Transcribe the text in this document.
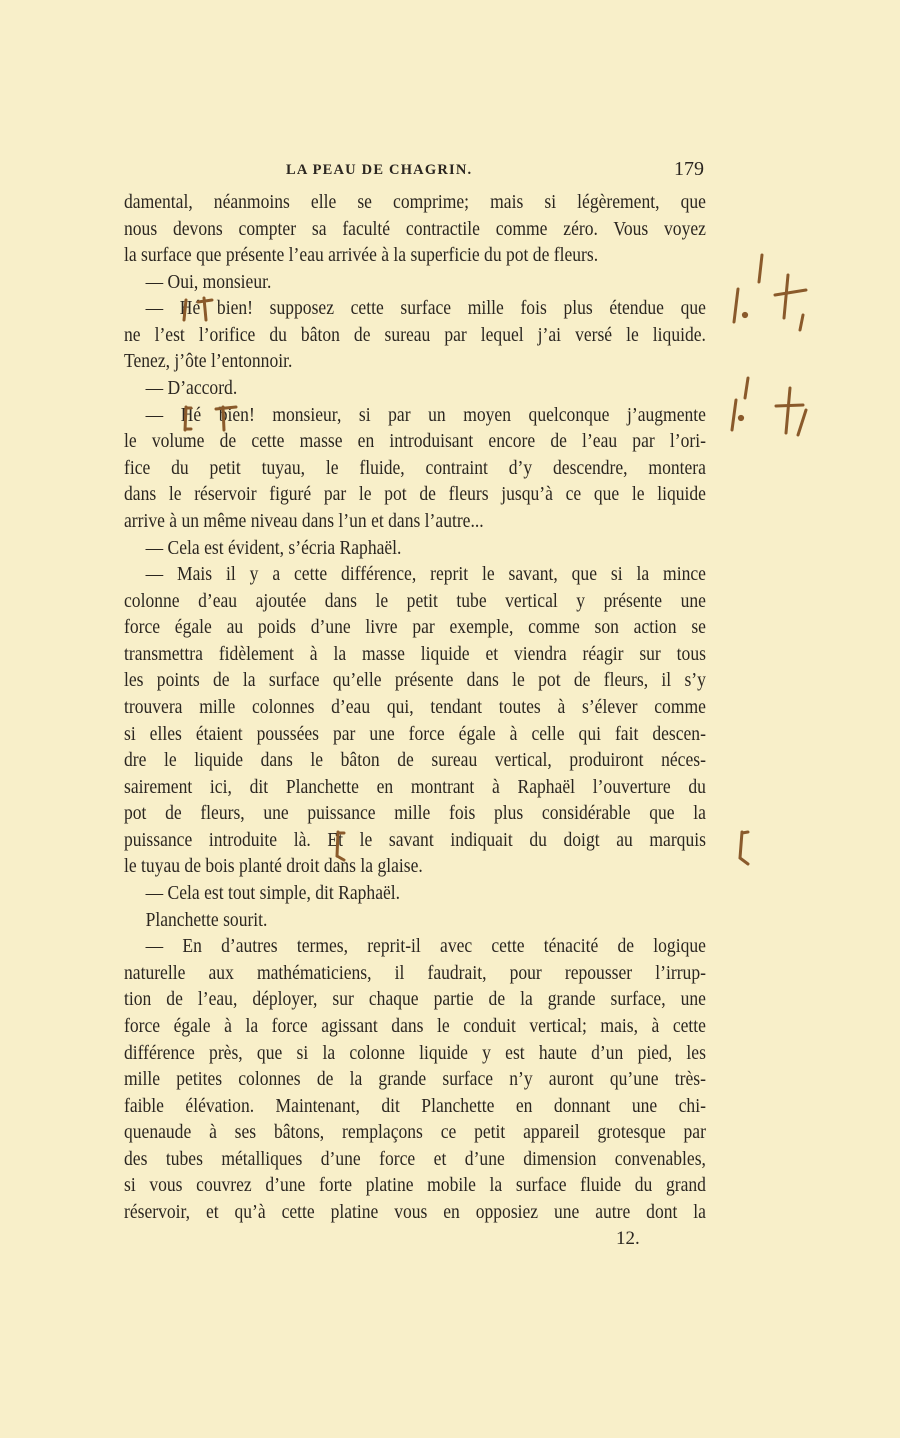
LA PEAU DE CHAGRIN.	179
damental, néanmoins elle se comprime; mais si légèrement, que
nous devons compter sa faculté contractile comme zéro. Vous voyez
la surface que présente l’eau arrivée à la superficie du pot de fleurs.
— Oui, monsieur.
— Hé bien! supposez cette surface mille fois plus étendue que
ne l’est l’orifice du bâton de sureau par lequel j’ai versé le liquide.
Tenez, j’ôte l’entonnoir.
— D’accord.
— Hé bien! monsieur, si par un moyen quelconque j’augmente
le volume de cette masse en introduisant encore de l’eau par l’ori-
fice du petit tuyau, le fluide, contraint d’y descendre, montera
dans le réservoir figuré par le pot de fleurs jusqu’à ce que le liquide
arrive à un même niveau dans l’un et dans l’autre...
— Cela est évident, s’écria Raphaël.
— Mais il y a cette différence, reprit le savant, que si la mince
colonne d’eau ajoutée dans le petit tube vertical y présente une
force égale au poids d’une livre par exemple, comme son action se
transmettra fidèlement à la masse liquide et viendra réagir sur tous
les points de la surface qu’elle présente dans le pot de fleurs, il s’y
trouvera mille colonnes d’eau qui, tendant toutes à s’élever comme
si elles étaient poussées par une force égale à celle qui fait descen-
dre le liquide dans le bâton de sureau vertical, produiront néces-
sairement ici, dit Planchette en montrant à Raphaël l’ouverture du
pot de fleurs, une puissance mille fois plus considérable que la
puissance introduite là. Et le savant indiquait du doigt au marquis
le tuyau de bois planté droit dans la glaise.
— Cela est tout simple, dit Raphaël.
Planchette sourit.
— En d’autres termes, reprit-il avec cette ténacité de logique
naturelle aux mathématiciens, il faudrait, pour repousser l’irrup-
tion de l’eau, déployer, sur chaque partie de la grande surface, une
force égale à la force agissant dans le conduit vertical; mais, à cette
différence près, que si la colonne liquide y est haute d’un pied, les
mille petites colonnes de la grande surface n’y auront qu’une très-
faible élévation. Maintenant, dit Planchette en donnant une chi-
quenaude à ses bâtons, remplaçons ce petit appareil grotesque par
des tubes métalliques d’une force et d’une dimension convenables,
si vous couvrez d’une forte platine mobile la surface fluide du grand
réservoir, et qu’à cette platine vous en opposiez une autre dont la
12.
